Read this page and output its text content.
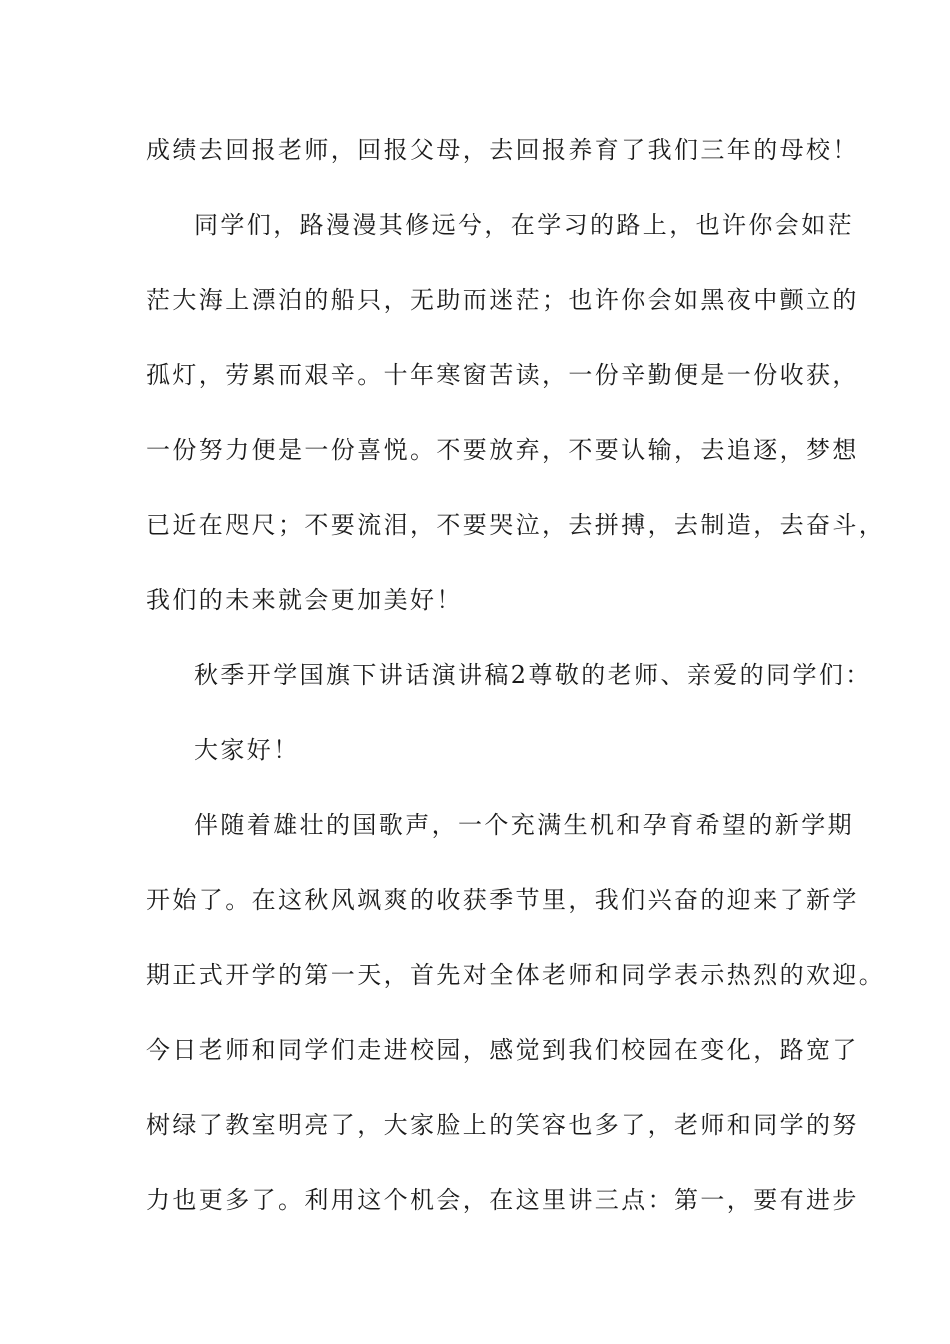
成绩去回报老师，回报父母，去回报养育了我们三年的母校！
同学们，路漫漫其修远兮，在学习的路上，也许你会如茫
茫大海上漂泊的船只，无助而迷茫；也许你会如黑夜中颤立的
孤灯，劳累而艰辛。十年寒窗苦读，一份辛勤便是一份收获，
一份努力便是一份喜悦。不要放弃，不要认输，去追逐，梦想
已近在咫尺；不要流泪，不要哭泣，去拼搏，去制造，去奋斗，
我们的未来就会更加美好！
秋季开学国旗下讲话演讲稿2尊敬的老师、亲爱的同学们：
大家好！
伴随着雄壮的国歌声，一个充满生机和孕育希望的新学期
开始了。在这秋风飒爽的收获季节里，我们兴奋的迎来了新学
期正式开学的第一天，首先对全体老师和同学表示热烈的欢迎。
今日老师和同学们走进校园，感觉到我们校园在变化，路宽了
树绿了教室明亮了，大家脸上的笑容也多了，老师和同学的努
力也更多了。利用这个机会，在这里讲三点：第一，要有进步
